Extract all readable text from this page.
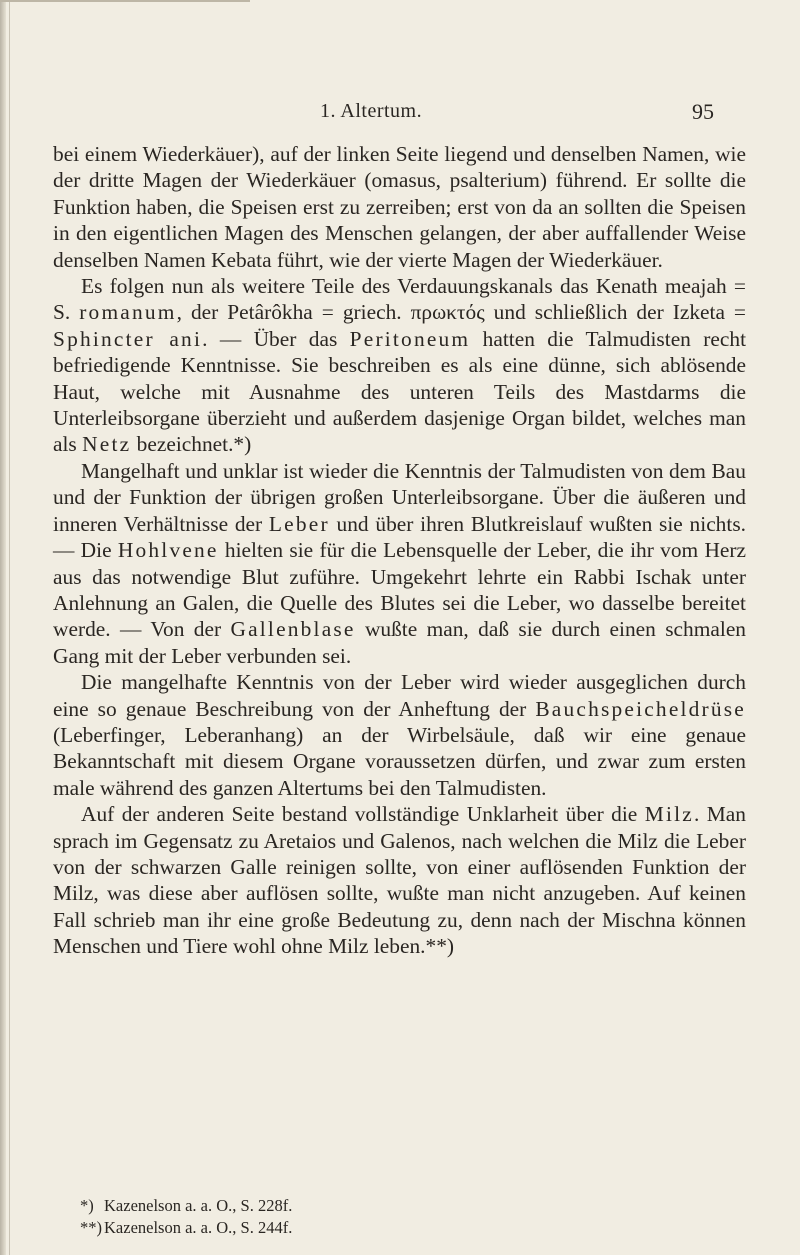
1. Altertum.	95

bei einem Wiederkäuer), auf der linken Seite liegend und denselben Namen, wie der dritte Magen der Wiederkäuer (omasus, psalterium) führend. Er sollte die Funktion haben, die Speisen erst zu zerreiben; erst von da an sollten die Speisen in den eigentlichen Magen des Menschen gelangen, der aber auffallender Weise denselben Namen Kebata führt, wie der vierte Magen der Wiederkäuer.

Es folgen nun als weitere Teile des Verdauungskanals das Kenath meajah = S. romanum, der Petârôkha = griech. πρωκτός und schließlich der Izketa = Sphincter ani. — Über das Peritoneum hatten die Talmudisten recht befriedigende Kenntnisse. Sie beschreiben es als eine dünne, sich ablösende Haut, welche mit Ausnahme des unteren Teils des Mastdarms die Unterleibsorgane überzieht und außerdem dasjenige Organ bildet, welches man als Netz bezeichnet.*)

Mangelhaft und unklar ist wieder die Kenntnis der Talmudisten von dem Bau und der Funktion der übrigen großen Unterleibsorgane. Über die äußeren und inneren Verhältnisse der Leber und über ihren Blutkreislauf wußten sie nichts. — Die Hohlvene hielten sie für die Lebensquelle der Leber, die ihr vom Herz aus das notwendige Blut zuführe. Umgekehrt lehrte ein Rabbi Ischak unter Anlehnung an Galen, die Quelle des Blutes sei die Leber, wo dasselbe bereitet werde. — Von der Gallenblase wußte man, daß sie durch einen schmalen Gang mit der Leber verbunden sei.

Die mangelhafte Kenntnis von der Leber wird wieder ausgeglichen durch eine so genaue Beschreibung von der Anheftung der Bauchspeicheldrüse (Leberfinger, Leberanhang) an der Wirbelsäule, daß wir eine genaue Bekanntschaft mit diesem Organe voraussetzen dürfen, und zwar zum ersten male während des ganzen Altertums bei den Talmudisten.

Auf der anderen Seite bestand vollständige Unklarheit über die Milz. Man sprach im Gegensatz zu Aretaios und Galenos, nach welchen die Milz die Leber von der schwarzen Galle reinigen sollte, von einer auflösenden Funktion der Milz, was diese aber auflösen sollte, wußte man nicht anzugeben. Auf keinen Fall schrieb man ihr eine große Bedeutung zu, denn nach der Mischna können Menschen und Tiere wohl ohne Milz leben.**)

*) Kazenelson a. a. O., S. 228f.
**) Kazenelson a. a. O., S. 244f.
